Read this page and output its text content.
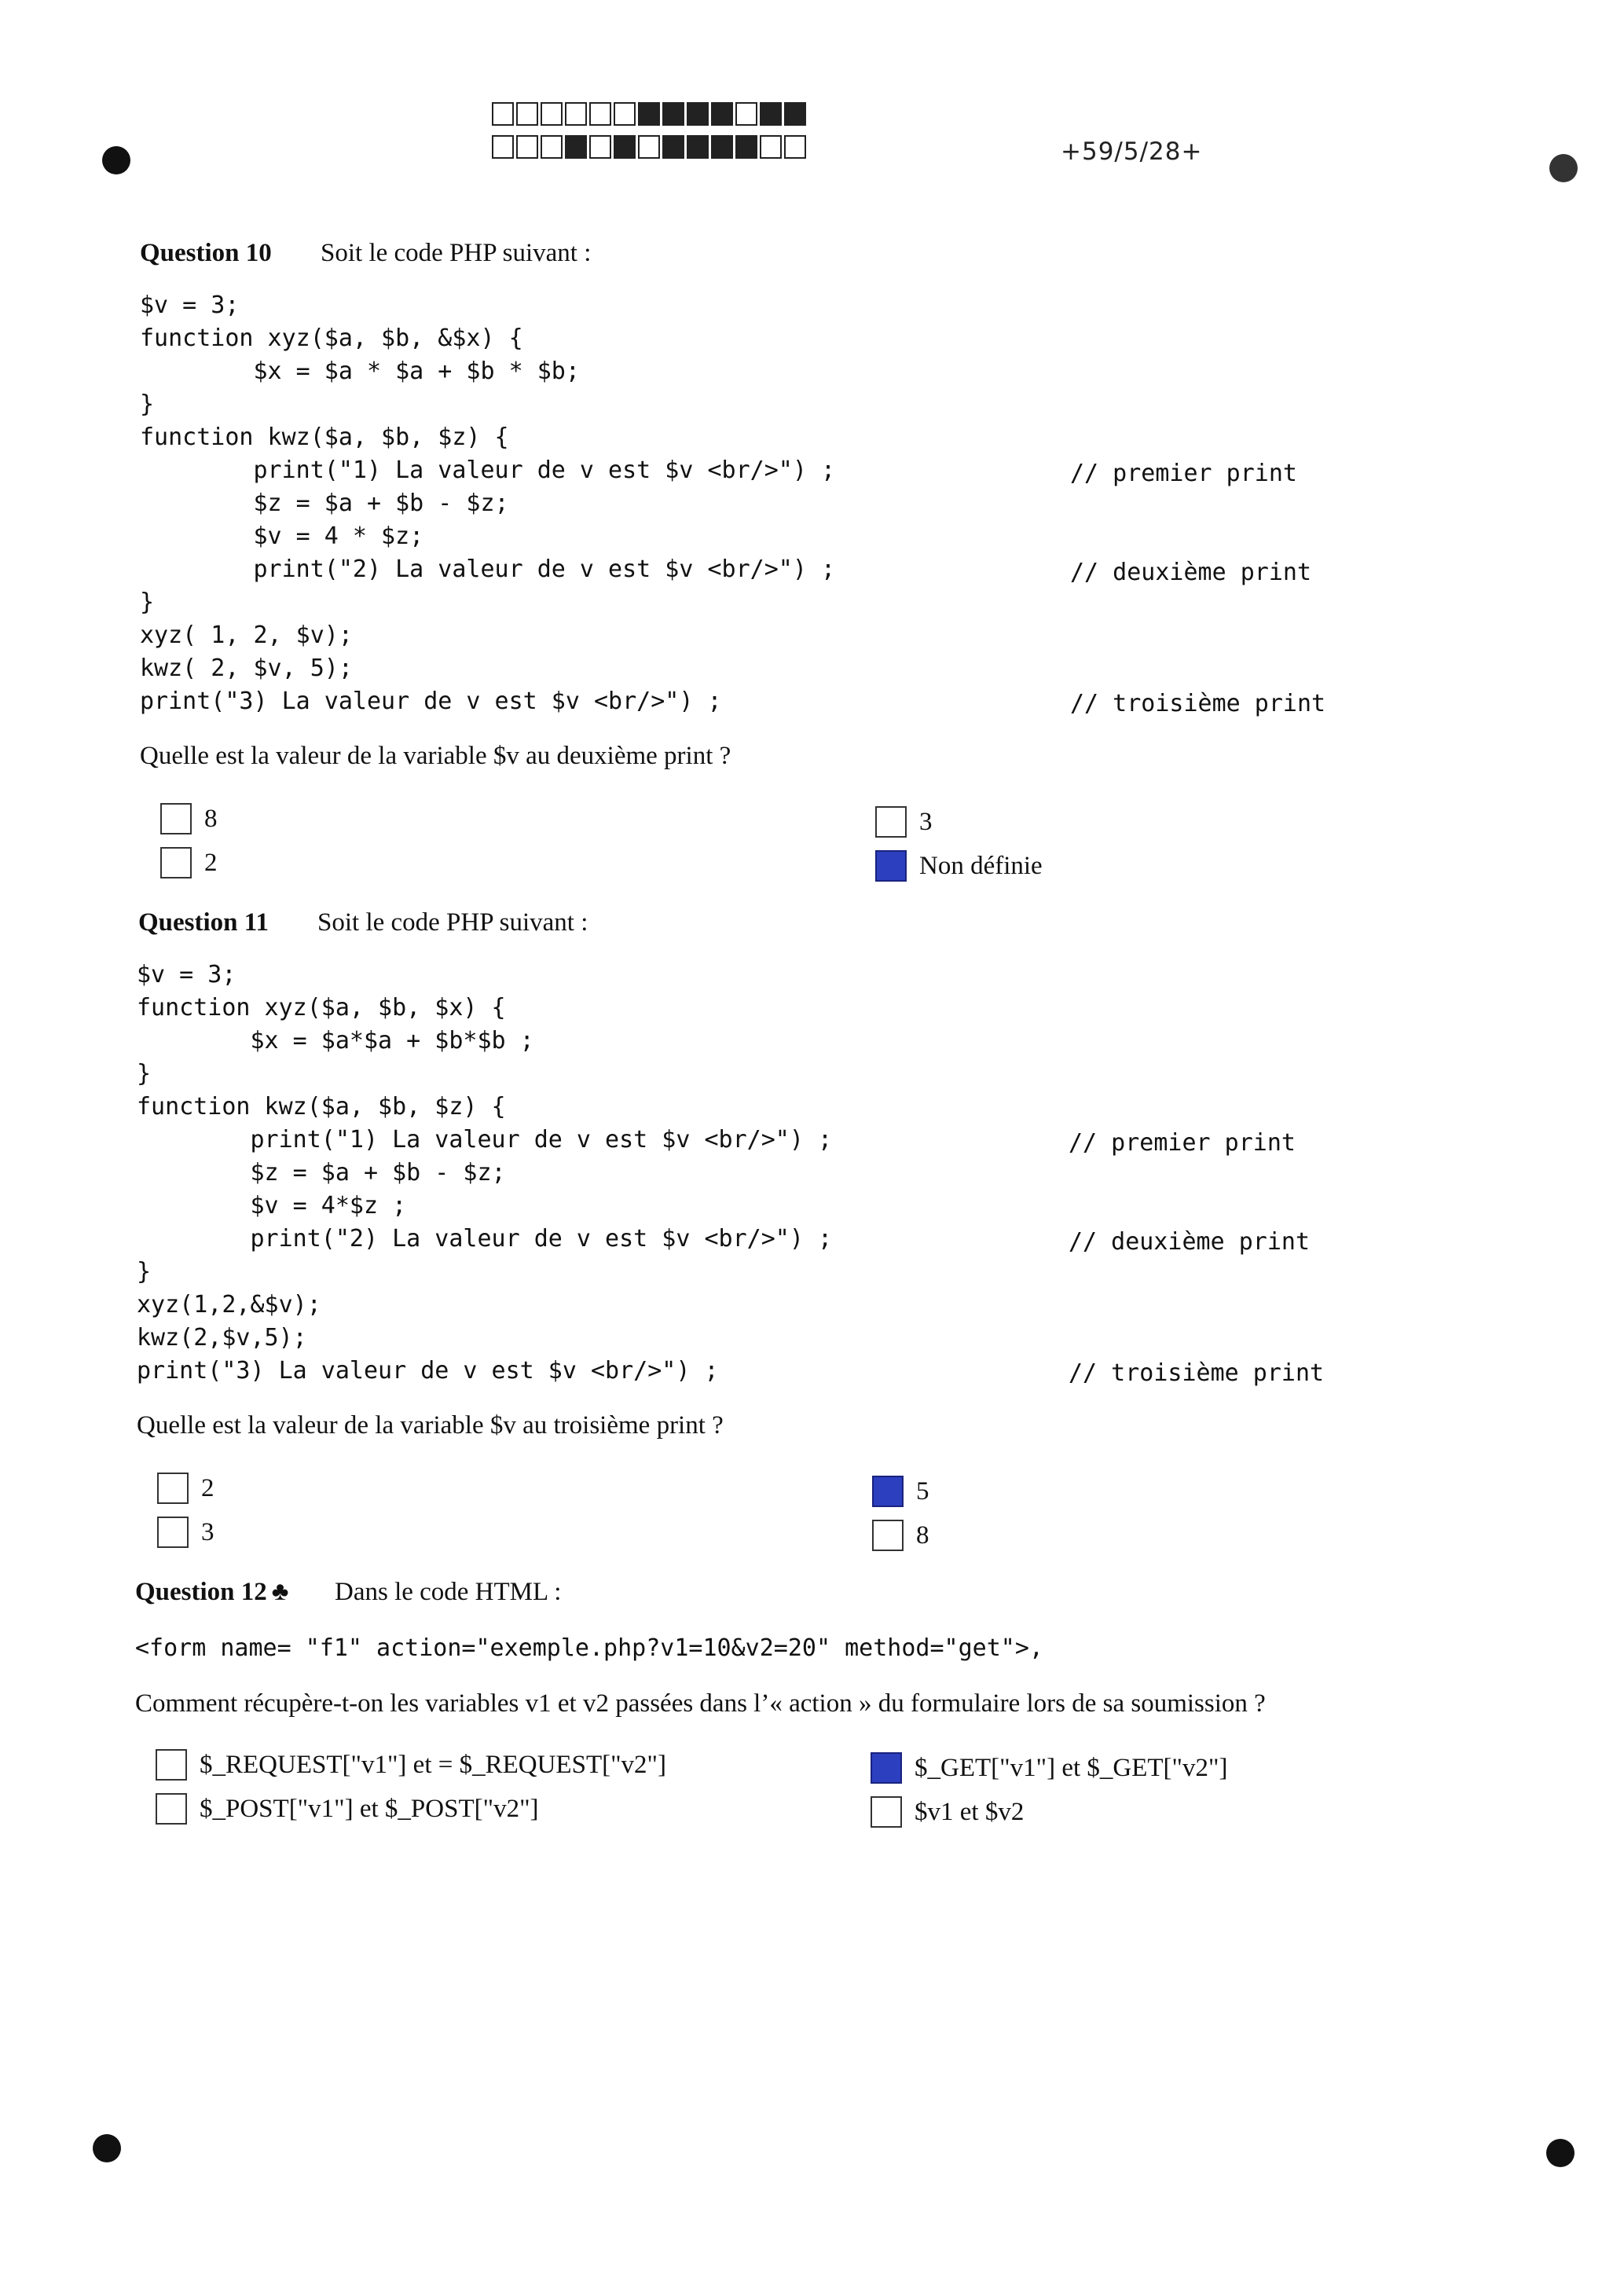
+59/5/28+
Question 10 Soit le code PHP suivant :
$v = 3;
function xyz($a, $b, &$x) {
$x = $a * $a + $b * $b;
}
function kwz($a, $b, $z) {
print("1) La valeur de v est $v <br/>") ;
$z = $a + $b - $z;
$v = 4 * $z;
print("2) La valeur de v est $v <br/>") ;
}
xyz( 1, 2, $v);
kwz( 2, $v, 5);
print("3) La valeur de v est $v <br/>") ;
// premier print
// deuxième print
// troisième print
Quelle est la valeur de la variable $v au deuxième print ?
8
2
3
Non définie
Question 11 Soit le code PHP suivant :
$v = 3;
function xyz($a, $b, $x) {
$x = $a*$a + $b*$b ;
}
function kwz($a, $b, $z) {
print("1) La valeur de v est $v <br/>") ;
$z = $a + $b - $z;
$v = 4*$z ;
print("2) La valeur de v est $v <br/>") ;
}
xyz(1,2,&$v);
kwz(2,$v,5);
print("3) La valeur de v est $v <br/>") ;
// premier print
// deuxième print
// troisième print
Quelle est la valeur de la variable $v au troisième print ?
2
3
5
8
Question 12 ♣ Dans le code HTML :
<form name= "f1" action="exemple.php?v1=10&v2=20" method="get">,
Comment récupère-t-on les variables v1 et v2 passées dans l’« action » du formulaire lors de sa soumission ?
$_REQUEST["v1"] et = $_REQUEST["v2"]
$_POST["v1"] et $_POST["v2"]
$_GET["v1"] et $_GET["v2"]
$v1 et $v2
